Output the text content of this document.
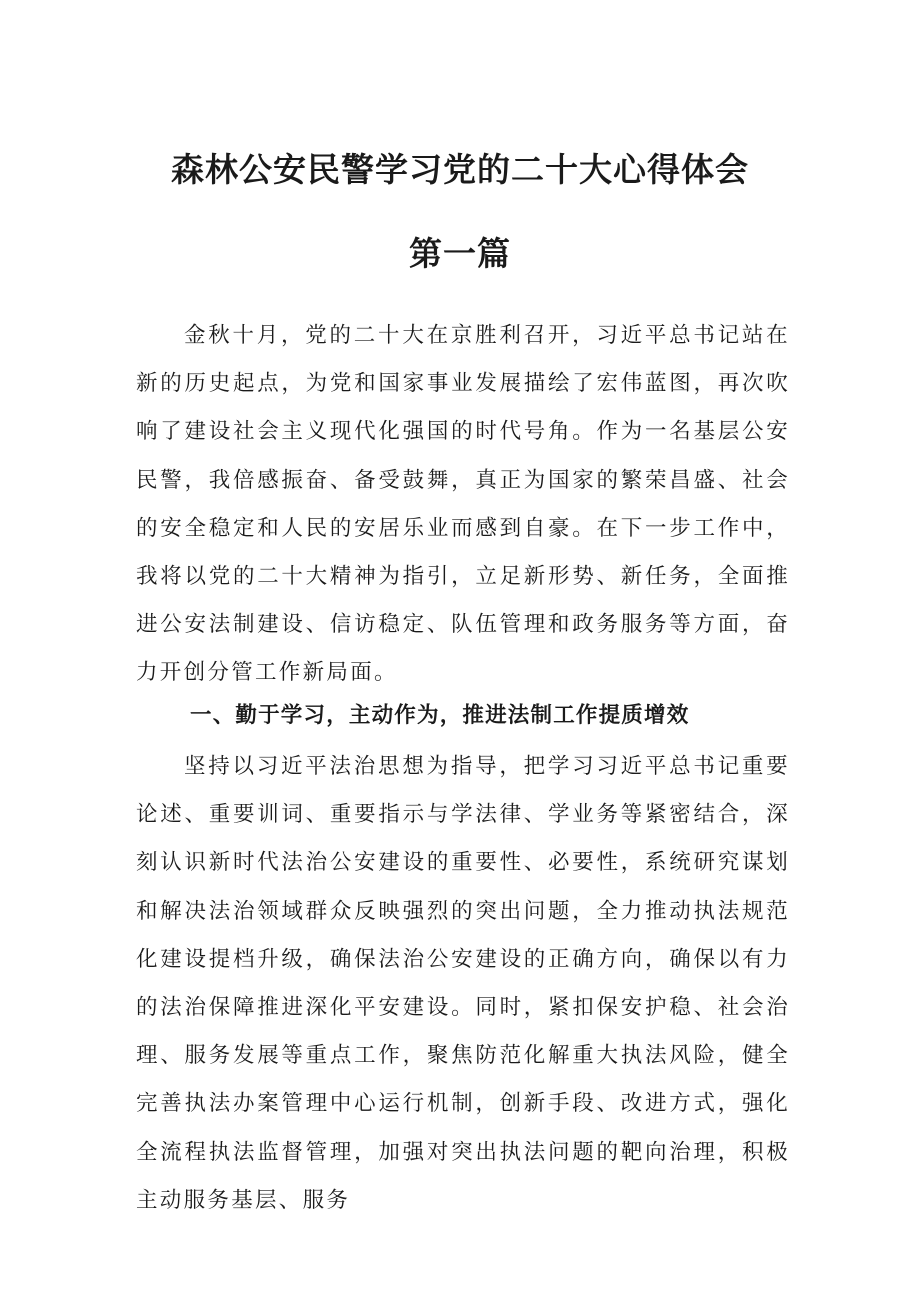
森林公安民警学习党的二十大心得体会
第一篇

金秋十月，党的二十大在京胜利召开，习近平总书记站在新的历史起点，为党和国家事业发展描绘了宏伟蓝图，再次吹响了建设社会主义现代化强国的时代号角。作为一名基层公安民警，我倍感振奋、备受鼓舞，真正为国家的繁荣昌盛、社会的安全稳定和人民的安居乐业而感到自豪。在下一步工作中，我将以党的二十大精神为指引，立足新形势、新任务，全面推进公安法制建设、信访稳定、队伍管理和政务服务等方面，奋力开创分管工作新局面。

一、勤于学习，主动作为，推进法制工作提质增效

坚持以习近平法治思想为指导，把学习习近平总书记重要论述、重要训词、重要指示与学法律、学业务等紧密结合，深刻认识新时代法治公安建设的重要性、必要性，系统研究谋划和解决法治领域群众反映强烈的突出问题，全力推动执法规范化建设提档升级，确保法治公安建设的正确方向，确保以有力的法治保障推进深化平安建设。同时，紧扣保安护稳、社会治理、服务发展等重点工作，聚焦防范化解重大执法风险，健全完善执法办案管理中心运行机制，创新手段、改进方式，强化全流程执法监督管理，加强对突出执法问题的靶向治理，积极主动服务基层、服务
